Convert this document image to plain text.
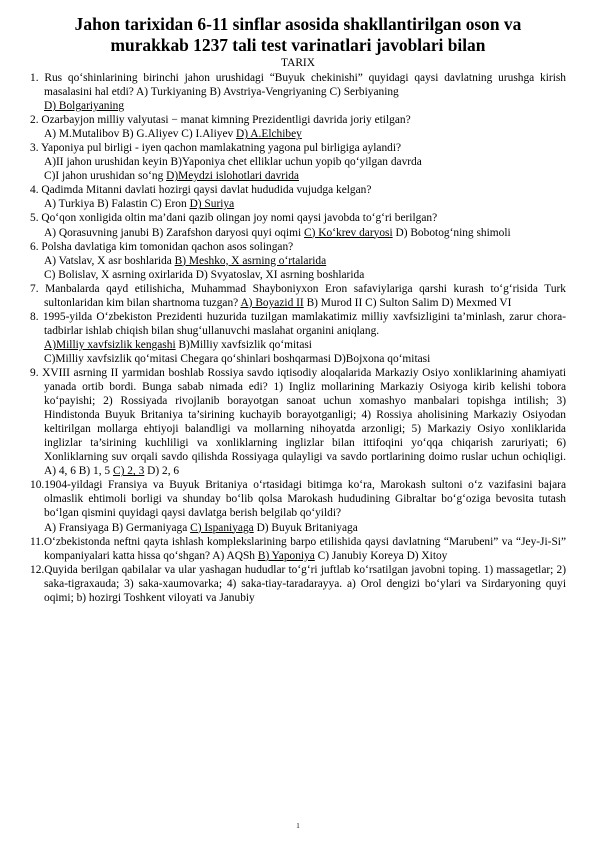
Jahon tarixidan 6-11 sinflar asosida shakllantirilgan oson va
murakkab 1237 tali test varinatlari javoblari bilan
TARIX
1. Rus qo‘shinlarining birinchi jahon urushidagi “Buyuk chekinishi” quyidagi qaysi davlatning urushga kirish masalasini hal etdi? A) Turkiyaning B) Avstriya-Vengriyaning C) Serbiyaning
D) Bolgariyaning
2. Ozarbayjon milliy valyutasi − manat kimning Prezidentligi davrida joriy etilgan?
A) M.Mutalibov B) G.Aliyev C) I.Aliyev D) A.Elchibey
3. Yaponiya pul birligi - iyen qachon mamlakatning yagona pul birligiga aylandi?
A)II jahon urushidan keyin B)Yaponiya chet elliklar uchun yopib qo‘yilgan davrda
C)I jahon urushidan so‘ng D)Meydzi islohotlari davrida
4. Qadimda Mitanni davlati hozirgi qaysi davlat hududida vujudga kelgan?
A) Turkiya B) Falastin C) Eron D) Suriya
5. Qo‘qon xonligida oltin ma’dani qazib olingan joy nomi qaysi javobda to‘g‘ri berilgan?
A) Qorasuvning janubi B) Zarafshon daryosi quyi oqimi C) Ko‘krev daryosi D) Bobotog‘ning shimoli
6. Polsha davlatiga kim tomonidan qachon asos solingan?
A) Vatslav, X asr boshlarida B) Meshko, X asrning o‘rtalarida
C) Bolislav, X asrning oxirlarida D) Svyatoslav, XI asrning boshlarida
7. Manbalarda qayd etilishicha, Muhammad Shayboniyxon Eron safaviylariga qarshi kurash to‘g‘risida Turk sultonlaridan kim bilan shartnoma tuzgan? A) Boyazid II B) Murod II C) Sulton Salim D) Mexmed VI
8. 1995-yilda O‘zbekiston Prezidenti huzurida tuzilgan mamlakatimiz milliy xavfsizligini ta’minlash, zarur chora-tadbirlar ishlab chiqish bilan shug‘ullanuvchi maslahat organini aniqlang.
A)Milliy xavfsizlik kengashi B)Milliy xavfsizlik qo‘mitasi
C)Milliy xavfsizlik qo‘mitasi Chegara qo‘shinlari boshqarmasi D)Bojxona qo‘mitasi
9. XVIII asrning II yarmidan boshlab Rossiya savdo iqtisodiy aloqalarida Markaziy Osiyo xonliklarining ahamiyati yanada ortib bordi. Bunga sabab nimada edi? 1) Ingliz mollarining Markaziy Osiyoga kirib kelishi tobora ko‘payishi; 2) Rossiyada rivojlanib borayotgan sanoat uchun xomashyo manbalari topishga intilish; 3) Hindistonda Buyuk Britaniya ta’sirining kuchayib borayotganligi; 4) Rossiya aholisining Markaziy Osiyodan keltirilgan mollarga ehtiyoji balandligi va mollarning nihoyatda arzonligi; 5) Markaziy Osiyo xonliklarida inglizlar ta’sirining kuchliligi va xonliklarning inglizlar bilan ittifoqini yo‘qqa chiqarish zaruriyati; 6) Xonliklarning suv orqali savdo qilishda Rossiyaga qulayligi va savdo portlarining doimo ruslar uchun ochiqligi. A) 4, 6 B) 1, 5 C) 2, 3 D) 2, 6
10.1904-yildagi Fransiya va Buyuk Britaniya o‘rtasidagi bitimga ko‘ra, Marokash sultoni o‘z vazifasini bajara olmaslik ehtimoli borligi va shunday bo‘lib qolsa Marokash hududining Gibraltar bo‘g‘oziga bevosita tutash bo‘lgan qismini quyidagi qaysi davlatga berish belgilab qo‘yildi?
A) Fransiyaga B) Germaniyaga C) Ispaniyaga D) Buyuk Britaniyaga
11.O‘zbekistonda neftni qayta ishlash komplekslarining barpo etilishida qaysi davlatning “Marubeni” va “Jey-Ji-Si” kompaniyalari katta hissa qo‘shgan? A) AQSh B) Yaponiya C) Janubiy Koreya D) Xitoy
12.Quyida berilgan qabilalar va ular yashagan hududlar to‘g‘ri juftlab ko‘rsatilgan javobni toping. 1) massagetlar; 2) saka-tigraxauda; 3) saka-xaumovarka; 4) saka-tiay-taradarayya. a) Orol dengizi bo‘ylari va Sirdaryoning quyi oqimi; b) hozirgi Toshkent viloyati va Janubiy
1
